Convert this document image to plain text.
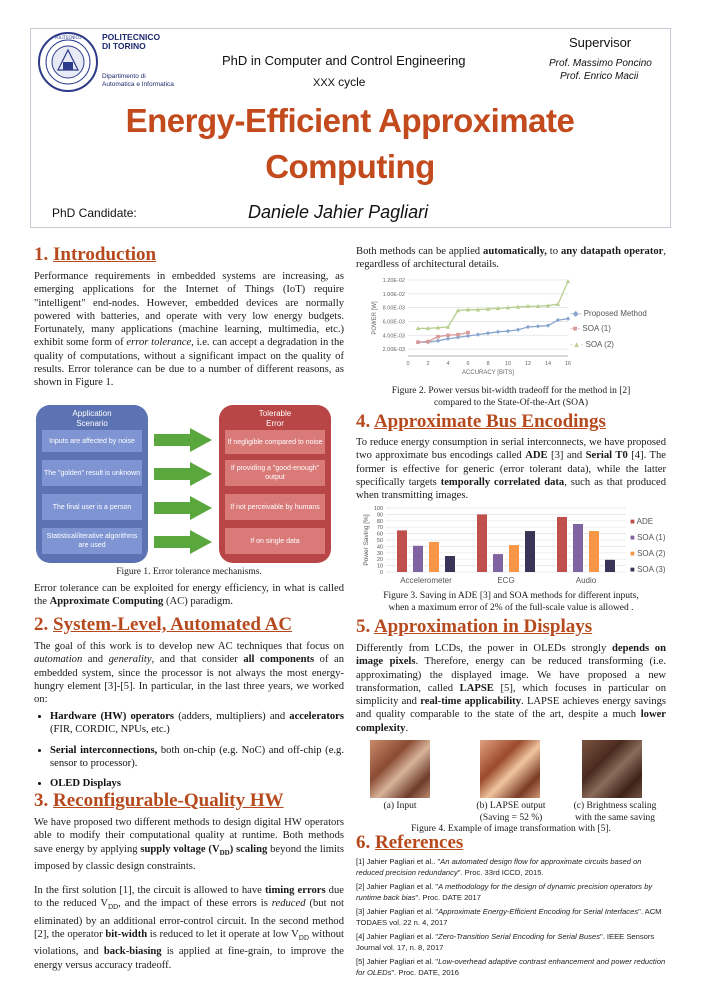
POLITECNICO POLITECNICO
DI TORINO
Dipartimento di
Automatica e Informatica
PhD in Computer and Control Engineering
XXX cycle
Supervisor
Prof. Massimo Poncino
Prof. Enrico Macii
Energy-Efficient Approximate
Computing
PhD Candidate:	Daniele Jahier Pagliari
1. Introduction
Performance requirements in embedded systems are increasing, as emerging applications for the Internet of Things (IoT) require "intelligent" end-nodes. However, embedded devices are normally powered with batteries, and operate with very low energy budgets. Fortunately, many applications (machine learning, multimedia, etc.) exhibit some form of error tolerance, i.e. can accept a degradation in the quality of computations, without a significant impact on the quality of results. Error tolerance can be due to a number of different reasons, as shown in Figure 1.
Application
Scenario
Inputs are affected by noise
The "golden" result is unknown
The final user is a person
Statistical/iterative algorithms are used
Tolerable
Error
If negligible compared to noise
If providing a "good-enough" output
If not perceivable by humans
If on single data
Figure 1. Error tolerance mechanisms.
Error tolerance can be exploited for energy efficiency, in what is called the Approximate Computing (AC) paradigm.
2. System-Level, Automated AC
The goal of this work is to develop new AC techniques that focus on automation and generality, and that consider all components of an embedded system, since the processor is not always the most energy-hungry element [3]-[5]. In particular, in the last three years, we worked on:
• Hardware (HW) operators (adders, multipliers) and accelerators (FIR, CORDIC, NPUs, etc.)
• Serial interconnections, both on-chip (e.g. NoC) and off-chip (e.g. sensor to processor).
• OLED Displays
3. Reconfigurable-Quality HW
We have proposed two different methods to design digital HW operators able to modify their computational quality at runtime. Both methods save energy by applying supply voltage $(V_{DD})$ scaling beyond the limits imposed by classic design constraints.
In the first solution [1], the circuit is allowed to have timing errors due to the reduced $V_{DD}$, and the impact of these errors is reduced (but not eliminated) by an additional error-control circuit. In the second method [2], the operator bit-width is reduced to let it operate at low $V_{DD}$ without violations, and back-biasing is applied at fine-grain, to improve the energy versus accuracy tradeoff.
Both methods can be applied automatically, to any datapath operator, regardless of architectural details.
2.00E-03
4.00E-03
6.00E-03
8.00E-03
1.00E-02
1.20E-02
0	2	4	6	8	10	12	14	16
ACCURACY [BITS]
POWER [W]	-◆- Proposed Method
-■- SOA (1)
-▲- SOA (2)
Figure 2. Power versus bit-width tradeoff for the method in [2]
compared to the State-Of-the-Art (SOA)
4. Approximate Bus Encodings
To reduce energy consumption in serial interconnects, we have proposed two approximate bus encodings called ADE [3] and Serial T0 [4]. The former is effective for generic (error tolerant data), while the latter specifically targets temporally correlated data, such as that produced when transmitting images.
0
10
20
30
40
50
60
70
80
90
100
Power Saving [%]
Accelerometer	ECG	Audio
■ ADE
■ SOA (1)
■ SOA (2)
■ SOA (3)
Figure 3. Saving in ADE [3] and SOA methods for different inputs,
when a maximum error of 2% of the full-scale value is allowed .
5. Approximation in Displays
Differently from LCDs, the power in OLEDs strongly depends on image pixels. Therefore, energy can be reduced transforming (i.e. approximating) the displayed image. We have proposed a new transformation, called LAPSE [5], which focuses in particular on simplicity and real-time applicability. LAPSE achieves energy savings and quality comparable to the state of the art, despite a much lower complexity.
(a) Input	(b) LAPSE output
(Saving = 52 %)
(c) Brightness scaling
with the same saving
Figure 4. Example of image transformation with [5].
6. References
[1] Jahier Pagliari et al.. "An automated design flow for approximate circuits based on reduced precision redundancy". Proc. 33rd ICCD, 2015.
[2] Jahier Pagliari et al. "A methodology for the design of dynamic precision operators by runtime back bias". Proc. DATE 2017
[3] Jahier Pagliari et al. "Approximate Energy-Efficient Encoding for Serial Interfaces". ACM TODAES vol. 22 n. 4, 2017
[4] Jahier Pagliari et al. "Zero-Transition Serial Encoding for Serial Buses". IEEE Sensors Journal vol. 17, n. 8, 2017
[5] Jahier Pagliari et al. "Low-overhead adaptive contrast enhancement and power reduction for OLEDs". Proc. DATE, 2016
